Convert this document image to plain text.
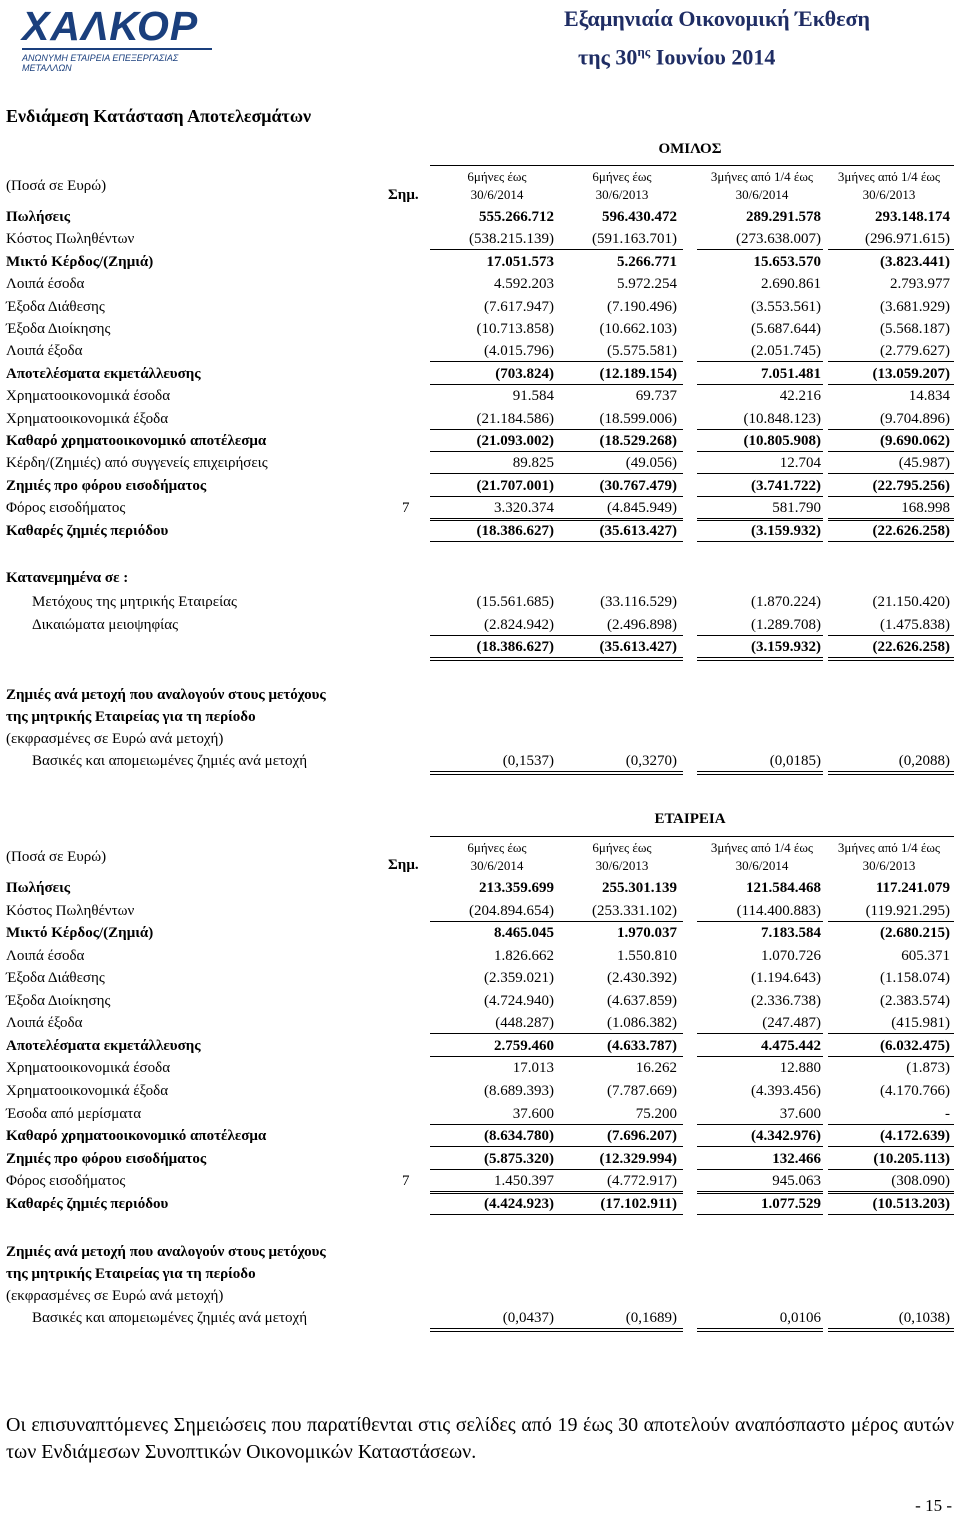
ΧΑΛΚΟΡ
ΑΝΩΝΥΜΗ ΕΤΑΙΡΕΙΑ ΕΠΕΞΕΡΓΑΣΙΑΣ ΜΕΤΑΛΛΩΝ
Εξαμηνιαία Οικονομική Έκθεση
της $30^{\eta\varsigma}$ Ιουνίου 2014
Ενδιάμεση Κατάσταση Αποτελεσμάτων
ΟΜΙΛΟΣ
(Ποσά σε Ευρώ)
Σημ.
6μήνες έως
30/6/2014
6μήνες έως
30/6/2013
3μήνες από 1/4 έως
30/6/2014
3μήνες από 1/4 έως
30/6/2013
Πωλήσεις	555.266.712	596.430.472	289.291.578	293.148.174
Κόστος Πωληθέντων	(538.215.139)	(591.163.701)	(273.638.007)	(296.971.615)
Μικτό Κέρδος/(Ζημιά)	17.051.573	5.266.771	15.653.570	(3.823.441)
Λοιπά έσοδα	4.592.203	5.972.254	2.690.861	2.793.977
Έξοδα Διάθεσης	(7.617.947)	(7.190.496)	(3.553.561)	(3.681.929)
Έξοδα Διοίκησης	(10.713.858)	(10.662.103)	(5.687.644)	(5.568.187)
Λοιπά έξοδα	(4.015.796)	(5.575.581)	(2.051.745)	(2.779.627)
Αποτελέσματα εκμετάλλευσης	(703.824)	(12.189.154)	7.051.481	(13.059.207)
Χρηματοοικονομικά έσοδα	91.584	69.737	42.216	14.834
Χρηματοοικονομικά έξοδα	(21.184.586)	(18.599.006)	(10.848.123)	(9.704.896)
Καθαρό χρηματοοικονομικό αποτέλεσμα	(21.093.002)	(18.529.268)	(10.805.908)	(9.690.062)
Κέρδη/(Ζημιές) από συγγενείς επιχειρήσεις	89.825	(49.056)	12.704	(45.987)
Ζημιές προ φόρου εισοδήματος	(21.707.001)	(30.767.479)	(3.741.722)	(22.795.256)
Φόρος εισοδήματος	7	3.320.374	(4.845.949)	581.790	168.998
Καθαρές ζημιές περιόδου	(18.386.627)	(35.613.427)	(3.159.932)	(22.626.258)
Κατανεμημένα σε :
Μετόχους της μητρικής Εταιρείας	(15.561.685)	(33.116.529)	(1.870.224)	(21.150.420)
Δικαιώματα μειοψηφίας	(2.824.942)	(2.496.898)	(1.289.708)	(1.475.838)
(18.386.627)	(35.613.427)	(3.159.932)	(22.626.258)
Ζημιές ανά μετοχή που αναλογούν στους μετόχους
της μητρικής Εταιρείας για τη περίοδο
(εκφρασμένες σε Ευρώ ανά μετοχή)
Βασικές και απομειωμένες ζημιές ανά μετοχή	(0,1537)	(0,3270)	(0,0185)	(0,2088)
ΕΤΑΙΡΕΙΑ
(Ποσά σε Ευρώ)	Σημ.
6μήνες έως
30/6/2014
6μήνες έως
30/6/2013
3μήνες από 1/4 έως
30/6/2014
3μήνες από 1/4 έως
30/6/2013
Πωλήσεις	213.359.699	255.301.139	121.584.468	117.241.079
Κόστος Πωληθέντων	(204.894.654)	(253.331.102)	(114.400.883)	(119.921.295)
Μικτό Κέρδος/(Ζημιά)	8.465.045	1.970.037	7.183.584	(2.680.215)
Λοιπά έσοδα	1.826.662	1.550.810	1.070.726	605.371
Έξοδα Διάθεσης	(2.359.021)	(2.430.392)	(1.194.643)	(1.158.074)
Έξοδα Διοίκησης	(4.724.940)	(4.637.859)	(2.336.738)	(2.383.574)
Λοιπά έξοδα	(448.287)	(1.086.382)	(247.487)	(415.981)
Αποτελέσματα εκμετάλλευσης	2.759.460	(4.633.787)	4.475.442	(6.032.475)
Χρηματοοικονομικά έσοδα	17.013	16.262	12.880	(1.873)
Χρηματοοικονομικά έξοδα	(8.689.393)	(7.787.669)	(4.393.456)	(4.170.766)
Έσοδα από μερίσματα	37.600	75.200	37.600	-
Καθαρό χρηματοοικονομικό αποτέλεσμα	(8.634.780)	(7.696.207)	(4.342.976)	(4.172.639)
Ζημιές προ φόρου εισοδήματος	(5.875.320)	(12.329.994)	132.466	(10.205.113)
Φόρος εισοδήματος	7	1.450.397	(4.772.917)	945.063	(308.090)
Καθαρές ζημιές περιόδου	(4.424.923)	(17.102.911)	1.077.529	(10.513.203)
Ζημιές ανά μετοχή που αναλογούν στους μετόχους
της μητρικής Εταιρείας για τη περίοδο
(εκφρασμένες σε Ευρώ ανά μετοχή)
Βασικές και απομειωμένες ζημιές ανά μετοχή	(0,0437)	(0,1689)	0,0106	(0,1038)
Οι επισυναπτόμενες Σημειώσεις που παρατίθενται στις σελίδες από 19 έως 30 αποτελούν αναπόσπαστο μέρος αυτών των Ενδιάμεσων Συνοπτικών Οικονομικών Καταστάσεων.
- 15 -
